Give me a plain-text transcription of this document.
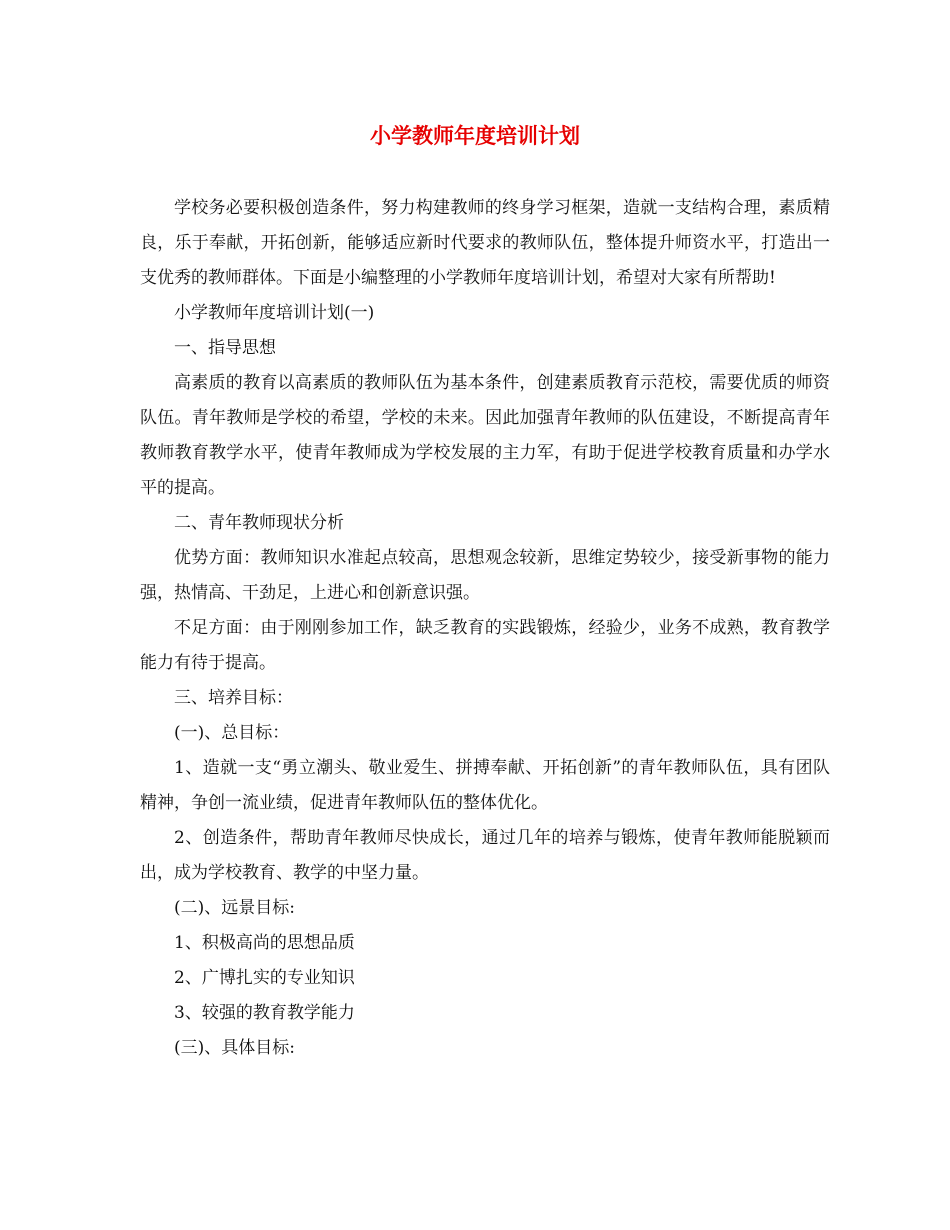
小学教师年度培训计划

学校务必要积极创造条件，努力构建教师的终身学习框架，造就一支结构合理，素质精良，乐于奉献，开拓创新，能够适应新时代要求的教师队伍，整体提升师资水平，打造出一支优秀的教师群体。下面是小编整理的小学教师年度培训计划，希望对大家有所帮助!

小学教师年度培训计划(一)

一、指导思想

高素质的教育以高素质的教师队伍为基本条件，创建素质教育示范校，需要优质的师资队伍。青年教师是学校的希望，学校的未来。因此加强青年教师的队伍建设，不断提高青年教师教育教学水平，使青年教师成为学校发展的主力军，有助于促进学校教育质量和办学水平的提高。

二、青年教师现状分析

优势方面：教师知识水准起点较高，思想观念较新，思维定势较少，接受新事物的能力强，热情高、干劲足，上进心和创新意识强。

不足方面：由于刚刚参加工作，缺乏教育的实践锻炼，经验少，业务不成熟，教育教学能力有待于提高。

三、培养目标：

(一)、总目标：

1、造就一支“勇立潮头、敬业爱生、拼搏奉献、开拓创新”的青年教师队伍，具有团队精神，争创一流业绩，促进青年教师队伍的整体优化。

2、创造条件，帮助青年教师尽快成长，通过几年的培养与锻炼，使青年教师能脱颖而出，成为学校教育、教学的中坚力量。

(二)、远景目标:

1、积极高尚的思想品质

2、广博扎实的专业知识

3、较强的教育教学能力

(三)、具体目标:
